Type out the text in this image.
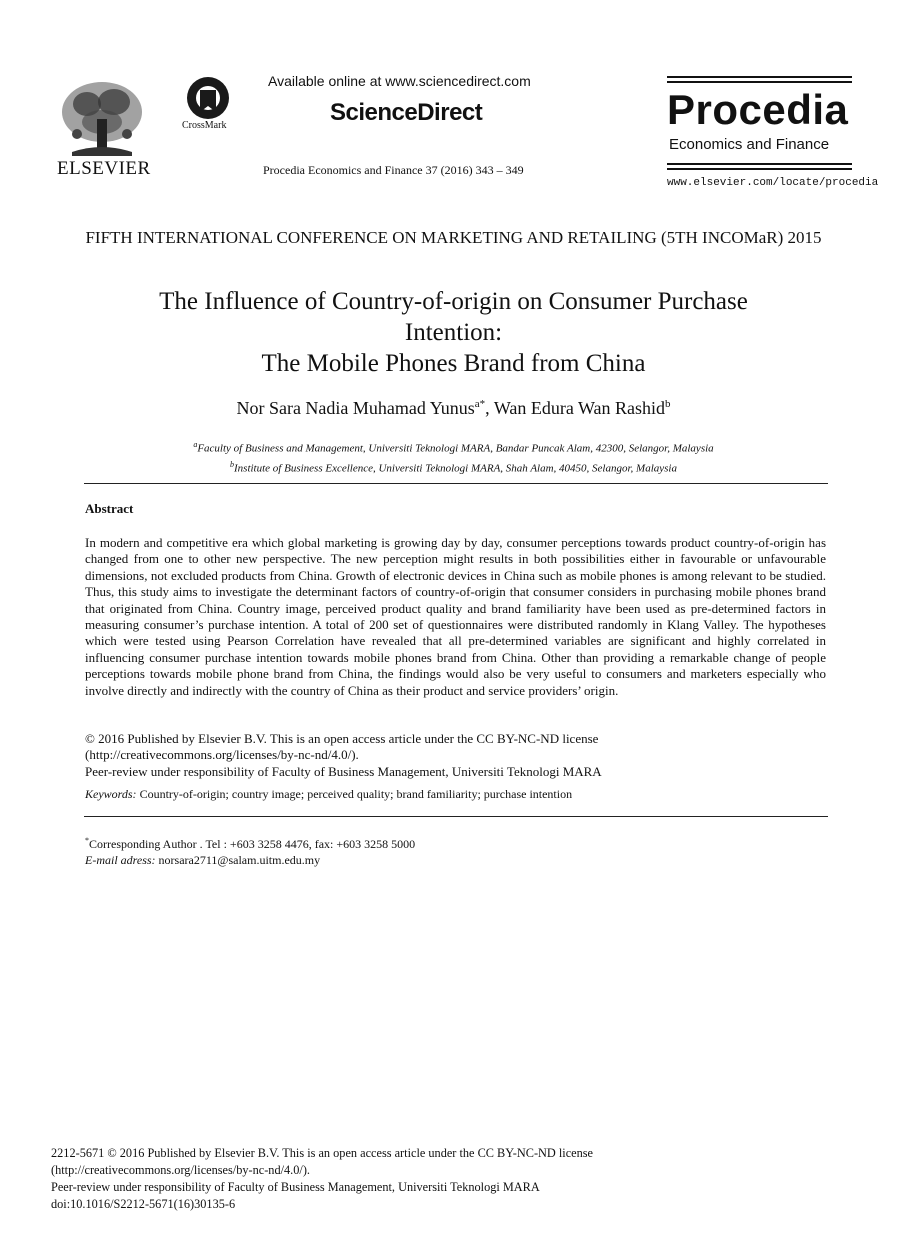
ELSEVIER
CrossMark
Available online at www.sciencedirect.com
ScienceDirect
Procedia Economics and Finance 37 (2016) 343 – 349
Procedia
Economics and Finance
www.elsevier.com/locate/procedia
FIFTH INTERNATIONAL CONFERENCE ON MARKETING AND RETAILING (5TH INCOMaR) 2015
The Influence of Country-of-origin on Consumer Purchase
Intention:
The Mobile Phones Brand from China
Nor Sara Nadia Muhamad Yunus$^{a*}$, Wan Edura Wan Rashid$^b$
$^a$Faculty of Business and Management, Universiti Teknologi MARA, Bandar Puncak Alam, 42300, Selangor, Malaysia
$^b$Institute of Business Excellence, Universiti Teknologi MARA, Shah Alam, 40450, Selangor, Malaysia
Abstract
In modern and competitive era which global marketing is growing day by day, consumer perceptions towards product country-of-origin has changed from one to other new perspective. The new perception might results in both possibilities either in favourable or unfavourable dimensions, not excluded products from China. Growth of electronic devices in China such as mobile phones is among relevant to be studied. Thus, this study aims to investigate the determinant factors of country-of-origin that consumer considers in purchasing mobile phones brand that originated from China. Country image, perceived product quality and brand familiarity have been used as pre-determined factors in measuring consumer’s purchase intention. A total of 200 set of questionnaires were distributed randomly in Klang Valley. The hypotheses which were tested using Pearson Correlation have revealed that all pre-determined variables are significant and highly correlated in influencing consumer purchase intention towards mobile phones brand from China. Other than providing a remarkable change of people perceptions towards mobile phone brand from China, the findings would also be very useful to consumers and marketers especially who involve directly and indirectly with the country of China as their product and service providers’ origin.
© 2016 Published by Elsevier B.V. This is an open access article under the CC BY-NC-ND license
(http://creativecommons.org/licenses/by-nc-nd/4.0/).
Peer-review under responsibility of Faculty of Business Management, Universiti Teknologi MARA
Keywords: Country-of-origin; country image; perceived quality; brand familiarity; purchase intention
*Corresponding Author . Tel : +603 3258 4476, fax: +603 3258 5000
E-mail adress: norsara2711@salam.uitm.edu.my
2212-5671 © 2016 Published by Elsevier B.V. This is an open access article under the CC BY-NC-ND license
(http://creativecommons.org/licenses/by-nc-nd/4.0/).
Peer-review under responsibility of Faculty of Business Management, Universiti Teknologi MARA
doi:10.1016/S2212-5671(16)30135-6
